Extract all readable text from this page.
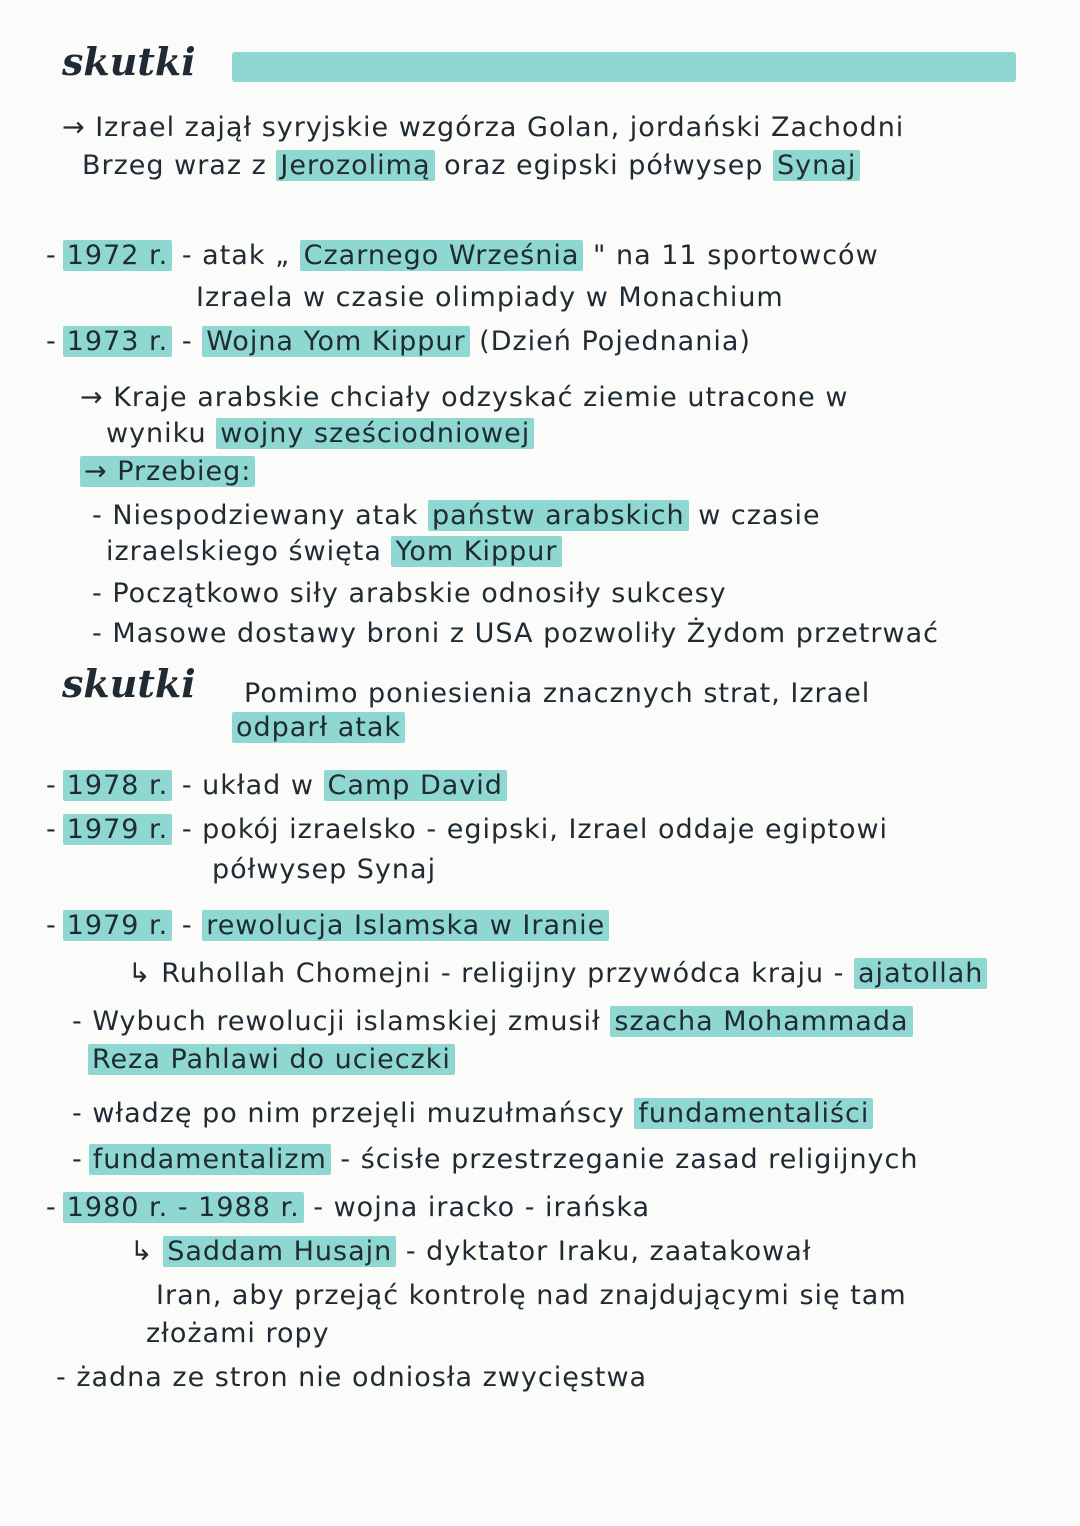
skutki
→ Izrael zajął syryjskie wzgórza Golan, jordański Zachodni
Brzeg wraz z Jerozolimą oraz egipski półwysep Synaj
- 1972 r. - atak „ Czarnego Września " na 11 sportowców
Izraela w czasie olimpiady w Monachium
- 1973 r. - Wojna Yom Kippur (Dzień Pojednania)
→ Kraje arabskie chciały odzyskać ziemie utracone w
wyniku wojny sześciodniowej
→ Przebieg:
- Niespodziewany atak państw arabskich w czasie
izraelskiego święta Yom Kippur
- Początkowo siły arabskie odnosiły sukcesy
- Masowe dostawy broni z USA pozwoliły Żydom przetrwać
skutki Pomimo poniesienia znacznych strat, Izrael
odparł atak
- 1978 r. - układ w Camp David
- 1979 r. - pokój izraelsko - egipski, Izrael oddaje egiptowi
półwysep Synaj
- 1979 r. - rewolucja Islamska w Iranie
↳ Ruhollah Chomejni - religijny przywódca kraju - ajatollah
- Wybuch rewolucji islamskiej zmusił szacha Mohammada
Reza Pahlawi do ucieczki
- władzę po nim przejęli muzułmańscy fundamentaliści
- fundamentalizm - ścisłe przestrzeganie zasad religijnych
- 1980 r. - 1988 r. - wojna iracko - irańska
↳ Saddam Husajn - dyktator Iraku, zaatakował
Iran, aby przejąć kontrolę nad znajdującymi się tam
złożami ropy
- żadna ze stron nie odniosła zwycięstwa
